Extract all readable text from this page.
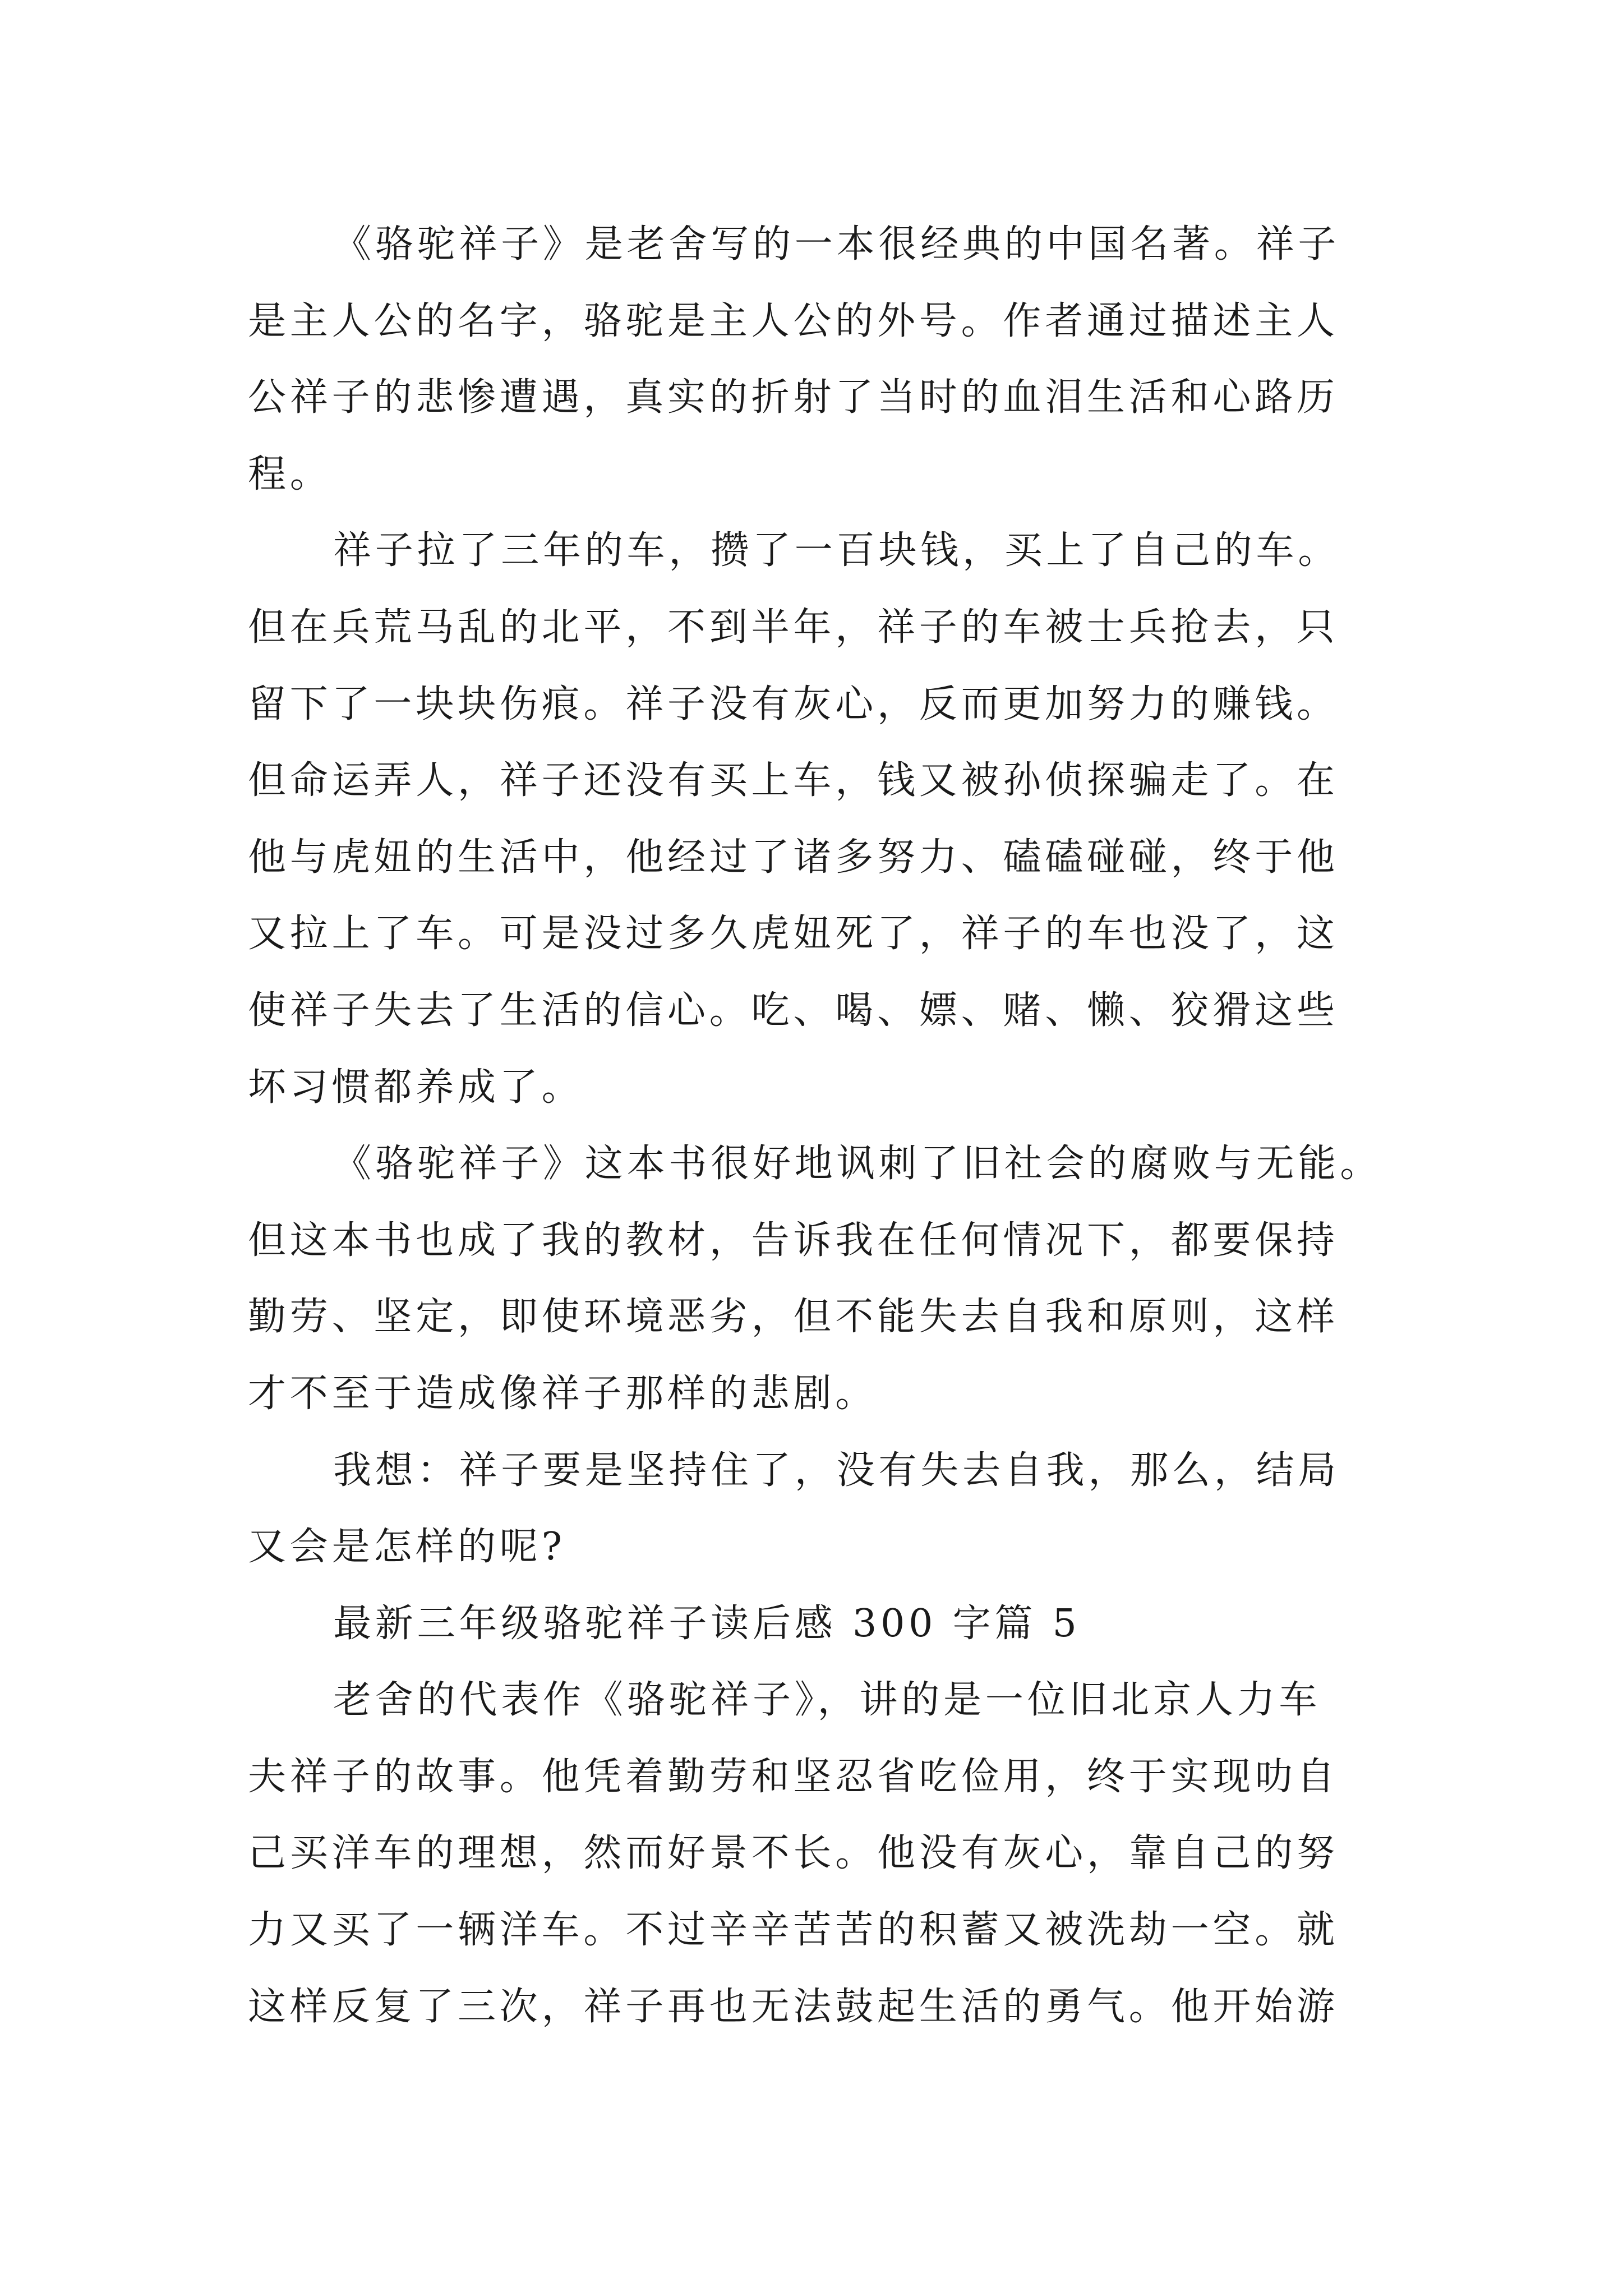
《骆驼祥子》是老舍写的一本很经典的中国名著。祥子
是主人公的名字，骆驼是主人公的外号。作者通过描述主人
公祥子的悲惨遭遇，真实的折射了当时的血泪生活和心路历
程。
祥子拉了三年的车，攒了一百块钱，买上了自己的车。
但在兵荒马乱的北平，不到半年，祥子的车被士兵抢去，只
留下了一块块伤痕。祥子没有灰心，反而更加努力的赚钱。
但命运弄人，祥子还没有买上车，钱又被孙侦探骗走了。在
他与虎妞的生活中，他经过了诸多努力、磕磕碰碰，终于他
又拉上了车。可是没过多久虎妞死了，祥子的车也没了，这
使祥子失去了生活的信心。吃、喝、嫖、赌、懒、狡猾这些
坏习惯都养成了。
《骆驼祥子》这本书很好地讽刺了旧社会的腐败与无能。
但这本书也成了我的教材，告诉我在任何情况下，都要保持
勤劳、坚定，即使环境恶劣，但不能失去自我和原则，这样
才不至于造成像祥子那样的悲剧。
我想：祥子要是坚持住了，没有失去自我，那么，结局
又会是怎样的呢?
最新三年级骆驼祥子读后感 300 字篇 5
老舍的代表作《骆驼祥子》，讲的是一位旧北京人力车
夫祥子的故事。他凭着勤劳和坚忍省吃俭用，终于实现叻自
己买洋车的理想，然而好景不长。他没有灰心，靠自己的努
力又买了一辆洋车。不过辛辛苦苦的积蓄又被洗劫一空。就
这样反复了三次，祥子再也无法鼓起生活的勇气。他开始游
